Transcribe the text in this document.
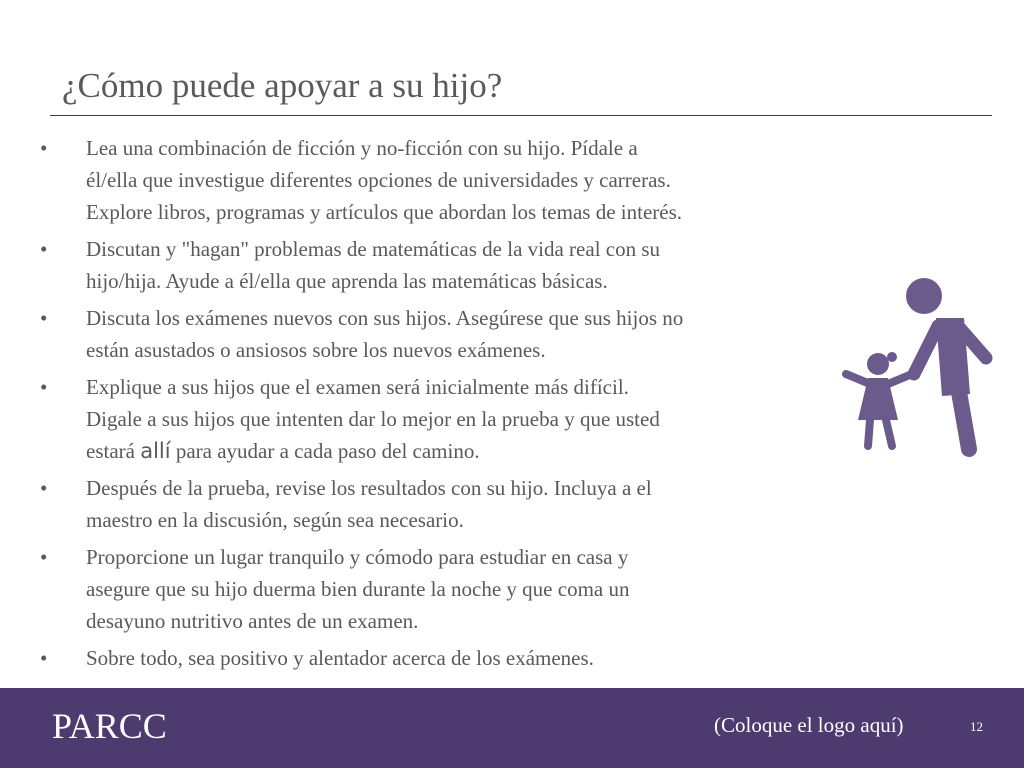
¿Cómo puede apoyar a su hijo?
•	Lea una combinación de ficción y no-ficción con su hijo. Pídale a
él/ella que investigue diferentes opciones de universidades y carreras.
Explore libros, programas y artículos que abordan los temas de interés.
•	Discutan y "hagan" problemas de matemáticas de la vida real con su
hijo/hija. Ayude a él/ella que aprenda las matemáticas básicas.
•	Discuta los exámenes nuevos con sus hijos. Asegúrese que sus hijos no
están asustados o ansiosos sobre los nuevos exámenes.
•	Explique a sus hijos que el examen será inicialmente más difícil.
Digale a sus hijos que intenten dar lo mejor en la prueba y que usted
estará allí para ayudar a cada paso del camino.
•	Después de la prueba, revise los resultados con su hijo. Incluya a el
maestro en la discusión, según sea necesario.
•	Proporcione un lugar tranquilo y cómodo para estudiar en casa y
asegure que su hijo duerma bien durante la noche y que coma un
desayuno nutritivo antes de un examen.
•	Sobre todo, sea positivo y alentador acerca de los exámenes.
PARCC	(Coloque el logo aquí)	12
